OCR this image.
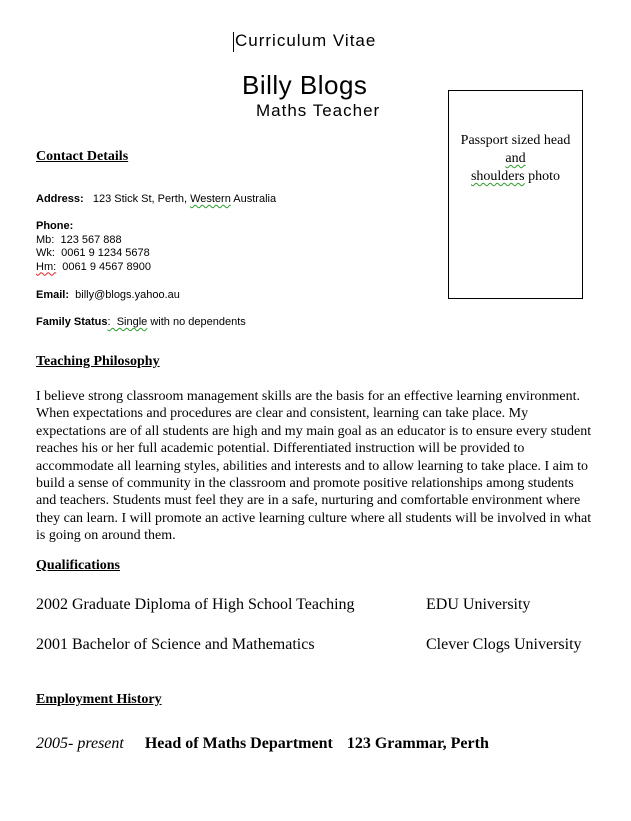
Curriculum Vitae
Billy Blogs
Maths Teacher
Passport sized head
and
shoulders photo
Contact Details
Address: 123 Stick St, Perth, Western Australia
Phone:
Mb: 123 567 888
Wk: 0061 9 1234 5678
Hm: 0061 9 4567 8900
Email: billy@blogs.yahoo.au
Family Status:  Single with no dependents
Teaching Philosophy
I believe strong classroom management skills are the basis for an effective learning environment. When expectations and procedures are clear and consistent, learning can take place. My expectations are of all students are high and my main goal as an educator is to ensure every student reaches his or her full academic potential. Differentiated instruction will be provided to accommodate all learning styles, abilities and interests and to allow learning to take place. I aim to build a sense of community in the classroom and promote positive relationships among students and teachers. Students must feel they are in a safe, nurturing and comfortable environment where they can learn. I will promote an active learning culture where all students will be involved in what is going on around them.
Qualifications
2002 Graduate Diploma of High School Teaching	EDU University
2001 Bachelor of Science and Mathematics	Clever Clogs University
Employment History
2005- present Head of Maths Department 123 Grammar, Perth
